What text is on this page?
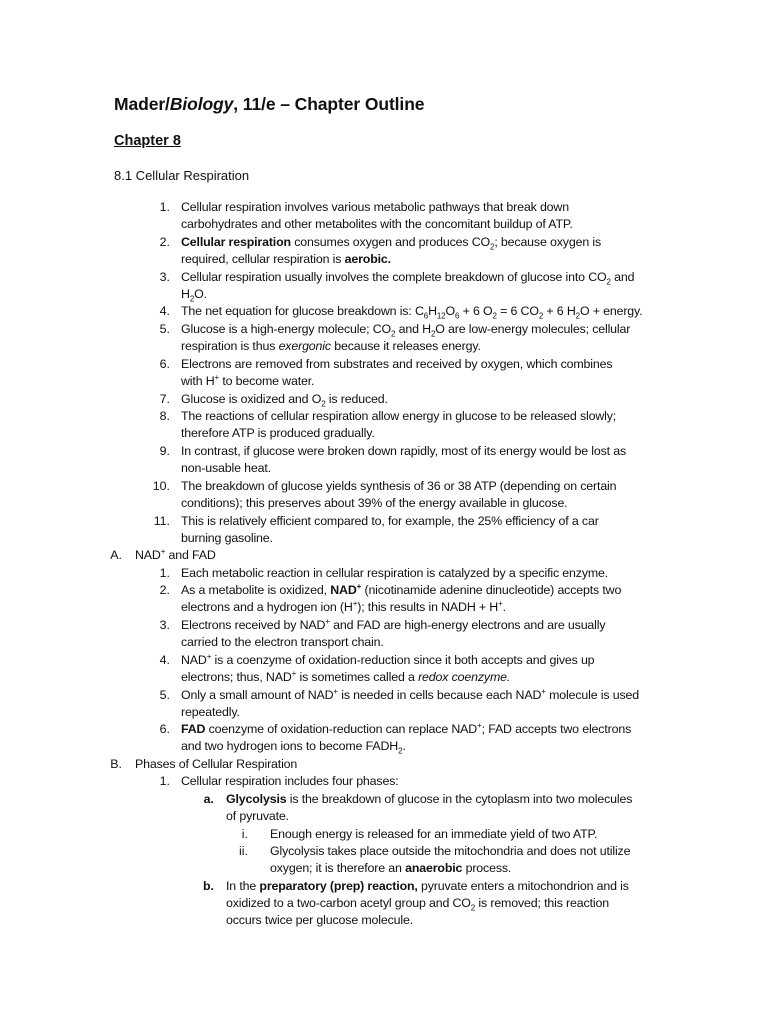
Mader/Biology, 11/e – Chapter Outline
Chapter 8
8.1 Cellular Respiration
1. Cellular respiration involves various metabolic pathways that break down

carbohydrates and other metabolites with the concomitant buildup of ATP.

2. Cellular respiration consumes oxygen and produces $CO_2$; because oxygen is

required, cellular respiration is aerobic.

3. Cellular respiration usually involves the complete breakdown of glucose into $CO_2$ and

$H_2O$.

4. The net equation for glucose breakdown is: $C_6H_{12}O_6 + 6$ $O_2 = 6$ $CO_2 + 6$ $H_2O$ + energy.

5. Glucose is a high-energy molecule; $CO_2$ and $H_2O$ are low-energy molecules; cellular

respiration is thus exergonic because it releases energy.

6. Electrons are removed from substrates and received by oxygen, which combines

with H+ to become water.

7. Glucose is oxidized and $O_2$ is reduced.

8. The reactions of cellular respiration allow energy in glucose to be released slowly;

therefore ATP is produced gradually.

9. In contrast, if glucose were broken down rapidly, most of its energy would be lost as

non-usable heat.

10. The breakdown of glucose yields synthesis of 36 or 38 ATP (depending on certain

conditions); this preserves about 39% of the energy available in glucose.

11. This is relatively efficient compared to, for example, the 25% efficiency of a car

burning gasoline.

A. NAD+ and FAD

1. Each metabolic reaction in cellular respiration is catalyzed by a specific enzyme.

2. As a metabolite is oxidized, NAD+ (nicotinamide adenine dinucleotide) accepts two

electrons and a hydrogen ion (H+); this results in NADH + H+.

3. Electrons received by NAD+ and FAD are high-energy electrons and are usually

carried to the electron transport chain.

4. NAD+ is a coenzyme of oxidation-reduction since it both accepts and gives up

electrons; thus, NAD+ is sometimes called a redox coenzyme.

5. Only a small amount of NAD+ is needed in cells because each NAD+ molecule is used

repeatedly.

6. FAD coenzyme of oxidation-reduction can replace NAD+; FAD accepts two electrons

and two hydrogen ions to become $FADH_2$.

B. Phases of Cellular Respiration

1. Cellular respiration includes four phases:

a. Glycolysis is the breakdown of glucose in the cytoplasm into two molecules

of pyruvate.

i. Enough energy is released for an immediate yield of two ATP.

ii. Glycolysis takes place outside the mitochondria and does not utilize

oxygen; it is therefore an anaerobic process.

b. In the preparatory (prep) reaction, pyruvate enters a mitochondrion and is

oxidized to a two-carbon acetyl group and $CO_2$ is removed; this reaction

occurs twice per glucose molecule.
